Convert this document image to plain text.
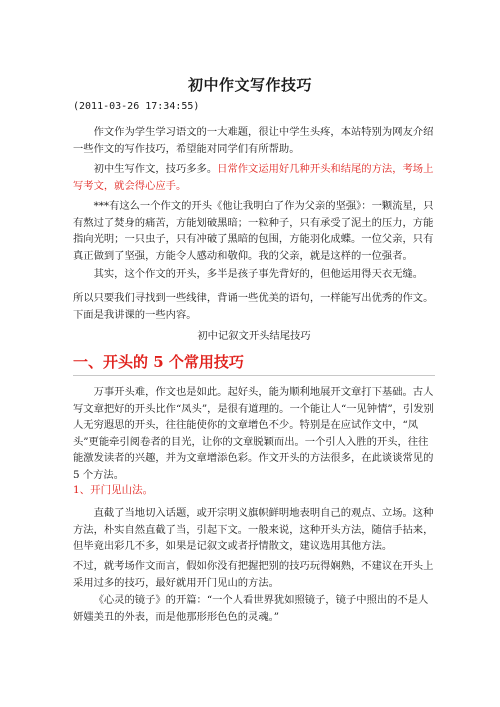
初中作文写作技巧

(2011-03-26 17:34:55)

作文作为学生学习语文的一大难题，很让中学生头疼，本站特别为网友介绍一些作文的写作技巧，希望能对同学们有所帮助。

初中生写作文，技巧多多。日常作文运用好几种开头和结尾的方法，考场上写考文，就会得心应手。

***有这么一个作文的开头《他让我明白了作为父亲的坚强》：一颗流星，只有熬过了焚身的痛苦，方能划破黑暗；一粒种子，只有承受了泥土的压力，方能指向光明；一只虫子，只有冲破了黑暗的包围，方能羽化成蝶。一位父亲，只有真正做到了坚强，方能令人感动和敬仰。我的父亲，就是这样的一位强者。

其实，这个作文的开头，多半是孩子事先背好的，但他运用得天衣无缝。

所以只要我们寻找到一些线律，背诵一些优美的语句，一样能写出优秀的作文。下面是我讲课的一些内容。

初中记叙文开头结尾技巧

一、开头的 5 个常用技巧

万事开头难，作文也是如此。起好头，能为顺利地展开文章打下基础。古人写文章把好的开头比作“凤头”，是很有道理的。一个能让人“一见钟情”，引发别人无穷遐思的开头，往往能使你的文章增色不少。特别是在应试作文中，“凤头”更能牵引阅卷者的目光，让你的文章脱颖而出。一个引人入胜的开头，往往能激发读者的兴趣，并为文章增添色彩。作文开头的方法很多，在此谈谈常见的 5 个方法。

1、开门见山法。

直截了当地切入话题，或开宗明义旗帜鲜明地表明自己的观点、立场。这种方法，朴实自然直截了当，引起下文。一般来说，这种开头方法，随信手拈来，但毕竟出彩几不多，如果是记叙文或者抒情散文，建议选用其他方法。

不过，就考场作文而言，假如你没有把握把别的技巧玩得娴熟，不建议在开头上采用过多的技巧，最好就用开门见山的方法。

《心灵的镜子》的开篇：“一个人看世界犹如照镜子，镜子中照出的不是人妍媸美丑的外表，而是他那形形色色的灵魂。”
